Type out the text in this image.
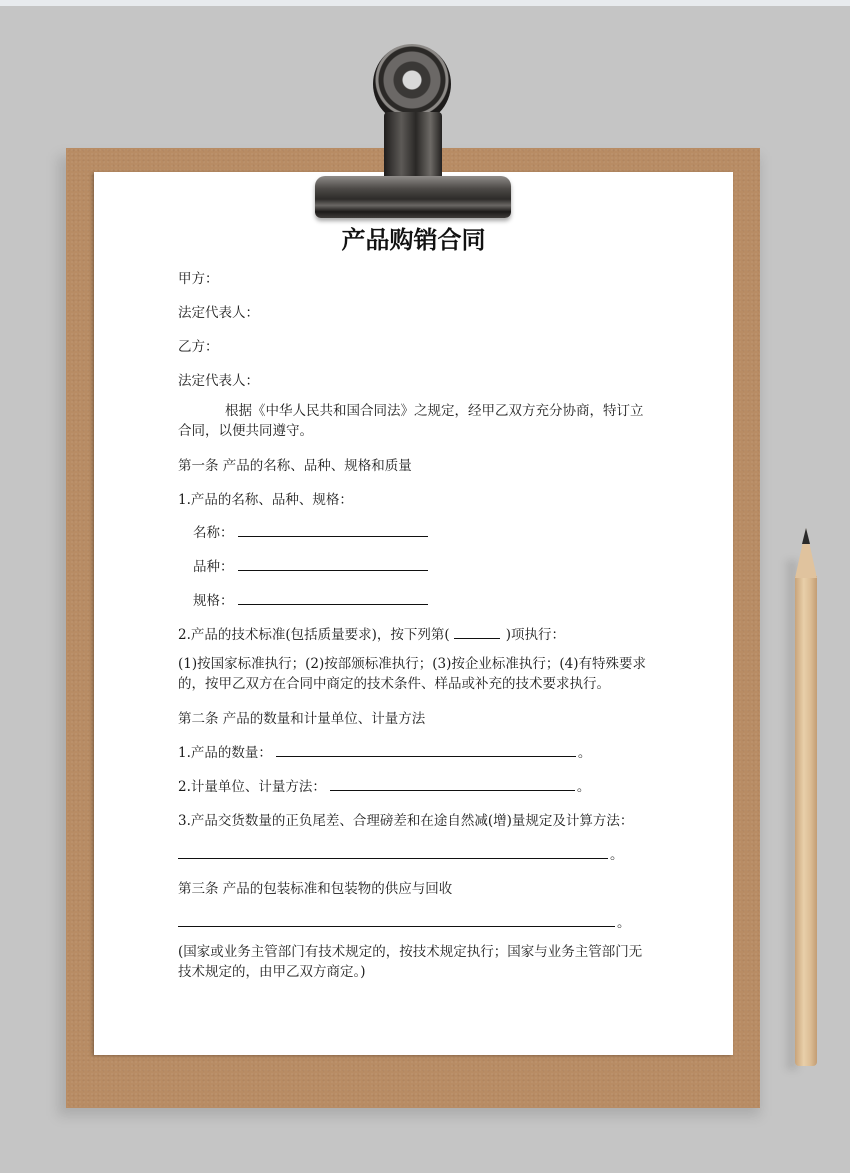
产品购销合同
甲方：
法定代表人：
乙方：
法定代表人：
根据《中华人民共和国合同法》之规定，经甲乙双方充分协商，特订立合同，以便共同遵守。
第一条 产品的名称、品种、规格和质量
1.产品的名称、品种、规格：
名称：
品种：
规格：
2.产品的技术标准(包括质量要求)，按下列第(	)项执行：
(1)按国家标准执行；(2)按部颁标准执行；(3)按企业标准执行；(4)有特殊要求的，按甲乙双方在合同中商定的技术条件、样品或补充的技术要求执行。
第二条 产品的数量和计量单位、计量方法
1.产品的数量：	。
2.计量单位、计量方法：	。
3.产品交货数量的正负尾差、合理磅差和在途自然减(增)量规定及计算方法：
。
第三条 产品的包装标准和包装物的供应与回收
。
(国家或业务主管部门有技术规定的，按技术规定执行；国家与业务主管部门无技术规定的，由甲乙双方商定。)
